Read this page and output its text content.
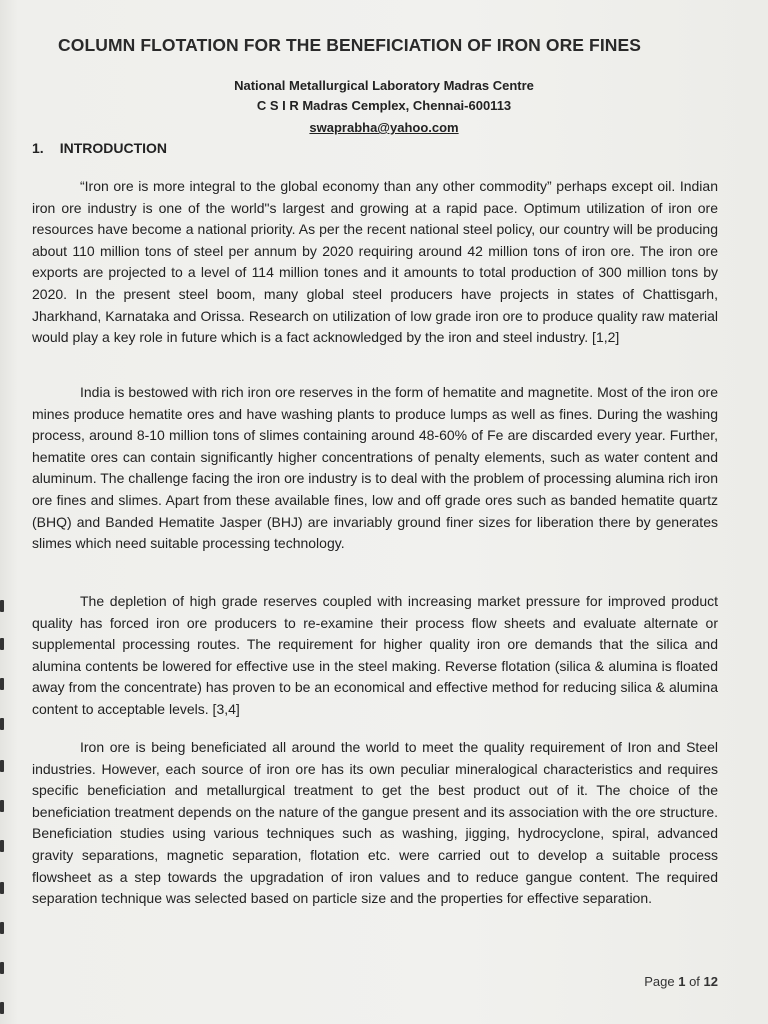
COLUMN FLOTATION FOR THE BENEFICIATION OF IRON ORE FINES
National Metallurgical Laboratory Madras Centre
C S I R Madras Cemplex, Chennai-600113
swaprabha@yahoo.com
1. INTRODUCTION

“Iron ore is more integral to the global economy than any other commodity” perhaps except oil. Indian iron ore industry is one of the world"s largest and growing at a rapid pace. Optimum utilization of iron ore resources have become a national priority. As per the recent national steel policy, our country will be producing about 110 million tons of steel per annum by 2020 requiring around 42 million tons of iron ore. The iron ore exports are projected to a level of 114 million tones and it amounts to total production of 300 million tons by 2020. In the present steel boom, many global steel producers have projects in states of Chattisgarh, Jharkhand, Karnataka and Orissa. Research on utilization of low grade iron ore to produce quality raw material would play a key role in future which is a fact acknowledged by the iron and steel industry. [1,2]

India is bestowed with rich iron ore reserves in the form of hematite and magnetite. Most of the iron ore mines produce hematite ores and have washing plants to produce lumps as well as fines. During the washing process, around 8-10 million tons of slimes containing around 48-60% of Fe are discarded every year. Further, hematite ores can contain significantly higher concentrations of penalty elements, such as water content and aluminum. The challenge facing the iron ore industry is to deal with the problem of processing alumina rich iron ore fines and slimes. Apart from these available fines, low and off grade ores such as banded hematite quartz (BHQ) and Banded Hematite Jasper (BHJ) are invariably ground finer sizes for liberation there by generates slimes which need suitable processing technology.

The depletion of high grade reserves coupled with increasing market pressure for improved product quality has forced iron ore producers to re-examine their process flow sheets and evaluate alternate or supplemental processing routes. The requirement for higher quality iron ore demands that the silica and alumina contents be lowered for effective use in the steel making. Reverse flotation (silica & alumina is floated away from the concentrate) has proven to be an economical and effective method for reducing silica & alumina content to acceptable levels. [3,4]

Iron ore is being beneficiated all around the world to meet the quality requirement of Iron and Steel industries. However, each source of iron ore has its own peculiar mineralogical characteristics and requires specific beneficiation and metallurgical treatment to get the best product out of it. The choice of the beneficiation treatment depends on the nature of the gangue present and its association with the ore structure. Beneficiation studies using various techniques such as washing, jigging, hydrocyclone, spiral, advanced gravity separations, magnetic separation, flotation etc. were carried out to develop a suitable process flowsheet as a step towards the upgradation of iron values and to reduce gangue content. The required separation technique was selected based on particle size and the properties for effective separation.

Page 1 of 12
